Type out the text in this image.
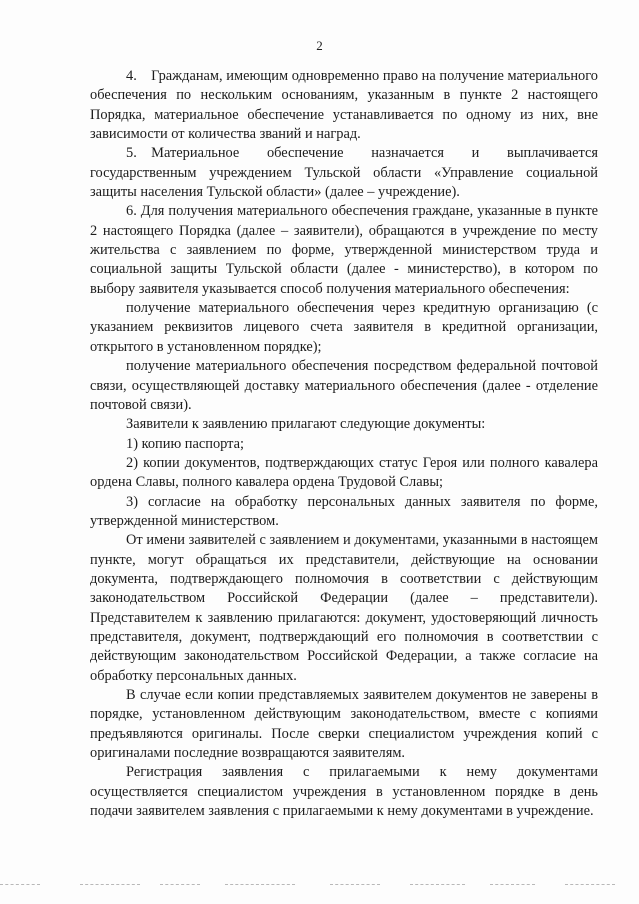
2

4. Гражданам, имеющим одновременно право на получение материального обеспечения по нескольким основаниям, указанным в пункте 2 настоящего Порядка, материальное обеспечение устанавливается по одному из них, вне зависимости от количества званий и наград.

5. Материальное обеспечение назначается и выплачивается государственным учреждением Тульской области «Управление социальной защиты населения Тульской области» (далее – учреждение).

6. Для получения материального обеспечения граждане, указанные в пункте 2 настоящего Порядка (далее – заявители), обращаются в учреждение по месту жительства с заявлением по форме, утвержденной министерством труда и социальной защиты Тульской области (далее - министерство), в котором по выбору заявителя указывается способ получения материального обеспечения:

получение материального обеспечения через кредитную организацию (с указанием реквизитов лицевого счета заявителя в кредитной организации, открытого в установленном порядке);

получение материального обеспечения посредством федеральной почтовой связи, осуществляющей доставку материального обеспечения (далее - отделение почтовой связи).

Заявители к заявлению прилагают следующие документы:

1) копию паспорта;

2) копии документов, подтверждающих статус Героя или полного кавалера ордена Славы, полного кавалера ордена Трудовой Славы;

3) согласие на обработку персональных данных заявителя по форме, утвержденной министерством.

От имени заявителей с заявлением и документами, указанными в настоящем пункте, могут обращаться их представители, действующие на основании документа, подтверждающего полномочия в соответствии с действующим законодательством Российской Федерации (далее – представители). Представителем к заявлению прилагаются: документ, удостоверяющий личность представителя, документ, подтверждающий его полномочия в соответствии с действующим законодательством Российской Федерации, а также согласие на обработку персональных данных.

В случае если копии представляемых заявителем документов не заверены в порядке, установленном действующим законодательством, вместе с копиями предъявляются оригиналы. После сверки специалистом учреждения копий с оригиналами последние возвращаются заявителям.

Регистрация заявления с прилагаемыми к нему документами осуществляется специалистом учреждения в установленном порядке в день подачи заявителем заявления с прилагаемыми к нему документами в учреждение.
